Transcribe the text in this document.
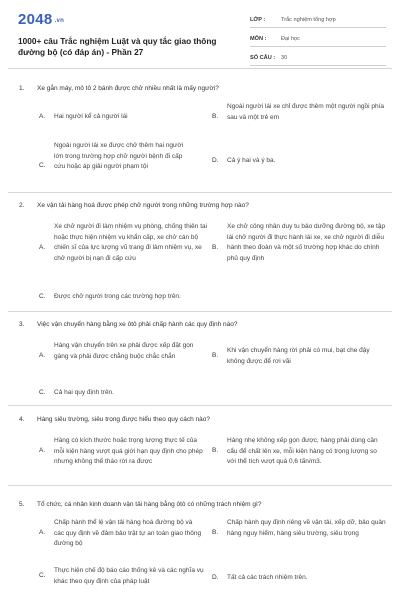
2048 .vn
1000+ câu Trắc nghiệm Luật và quy tắc giao thông đường bộ (có đáp án) - Phần 27
LỚP :	Trắc nghiệm tổng hợp
MÔN :	Đại học
SỐ CÂU :	30
1. Xe gắn máy, mô tô 2 bánh được chở nhiều nhất là mấy người?
A. Hai người kể cả người lái	B.
Ngoài người lái xe chỉ được thêm một người ngồi phía sau và một trẻ em
C.
Ngoài người lái xe được chở thêm hai người lớn trong trường hợp chở người bệnh đi cấp cứu hoặc áp giải người phạm tội
D. Cả ý hai và ý ba.
2. Xe vận tải hàng hoá được phép chở người trong những trường hợp nào?
A.
Xe chở người đi làm nhiệm vụ phòng, chống thiên tai hoặc thực hiện nhiệm vụ khẩn cấp, xe chở cán bộ chiến sĩ của lực lượng vũ trang đi làm nhiệm vụ, xe chở người bị nạn đi cấp cứu
B.
Xe chở công nhân duy tu bảo dưỡng đường bộ, xe tập lái chở người đi thực hành lái xe, xe chở người đi diễu hành theo đoàn và một số trường hợp khác do chính phủ quy định
C. Được chở người trong các trường hợp trên.
3. Việc vận chuyển hàng bằng xe ôtô phải chấp hành các quy định nào?
A.
Hàng vận chuyển trên xe phải được xếp đặt gọn gàng và phải được chằng buộc chắc chắn	B.
Khi vận chuyển hàng rời phải có mui, bạt che đậy không được để rơi vãi
C. Cả hai quy định trên.
4. Hàng siêu trường, siêu trọng được hiểu theo quy cách nào?
A.
Hàng có kích thước hoặc trọng lượng thực tế của mỗi kiện hàng vượt quá giới hạn quy định cho phép nhưng không thể tháo rời ra được
B.
Hàng nhẹ không xếp gọn được, hàng phải dùng cần cẩu để chất lên xe, mỗi kiện hàng có trọng lượng so với thể tích vượt quá 0,6 tấn/m3.
5. Tổ chức, cá nhân kinh doanh vận tải hàng bằng ôtô có những trách nhiệm gì?
A.
Chấp hành thể lệ vận tải hàng hoá đường bộ và các quy định về đảm bảo trật tự an toàn giao thông đường bộ
B.
Chấp hành quy định riêng về vận tải, xếp dỡ, bảo quản hàng nguy hiểm, hàng siêu trường, siêu trọng
C.
Thực hiện chế độ báo cáo thống kê và các nghĩa vụ khác theo quy định của pháp luật	D. Tất cả các trách nhiệm trên.
